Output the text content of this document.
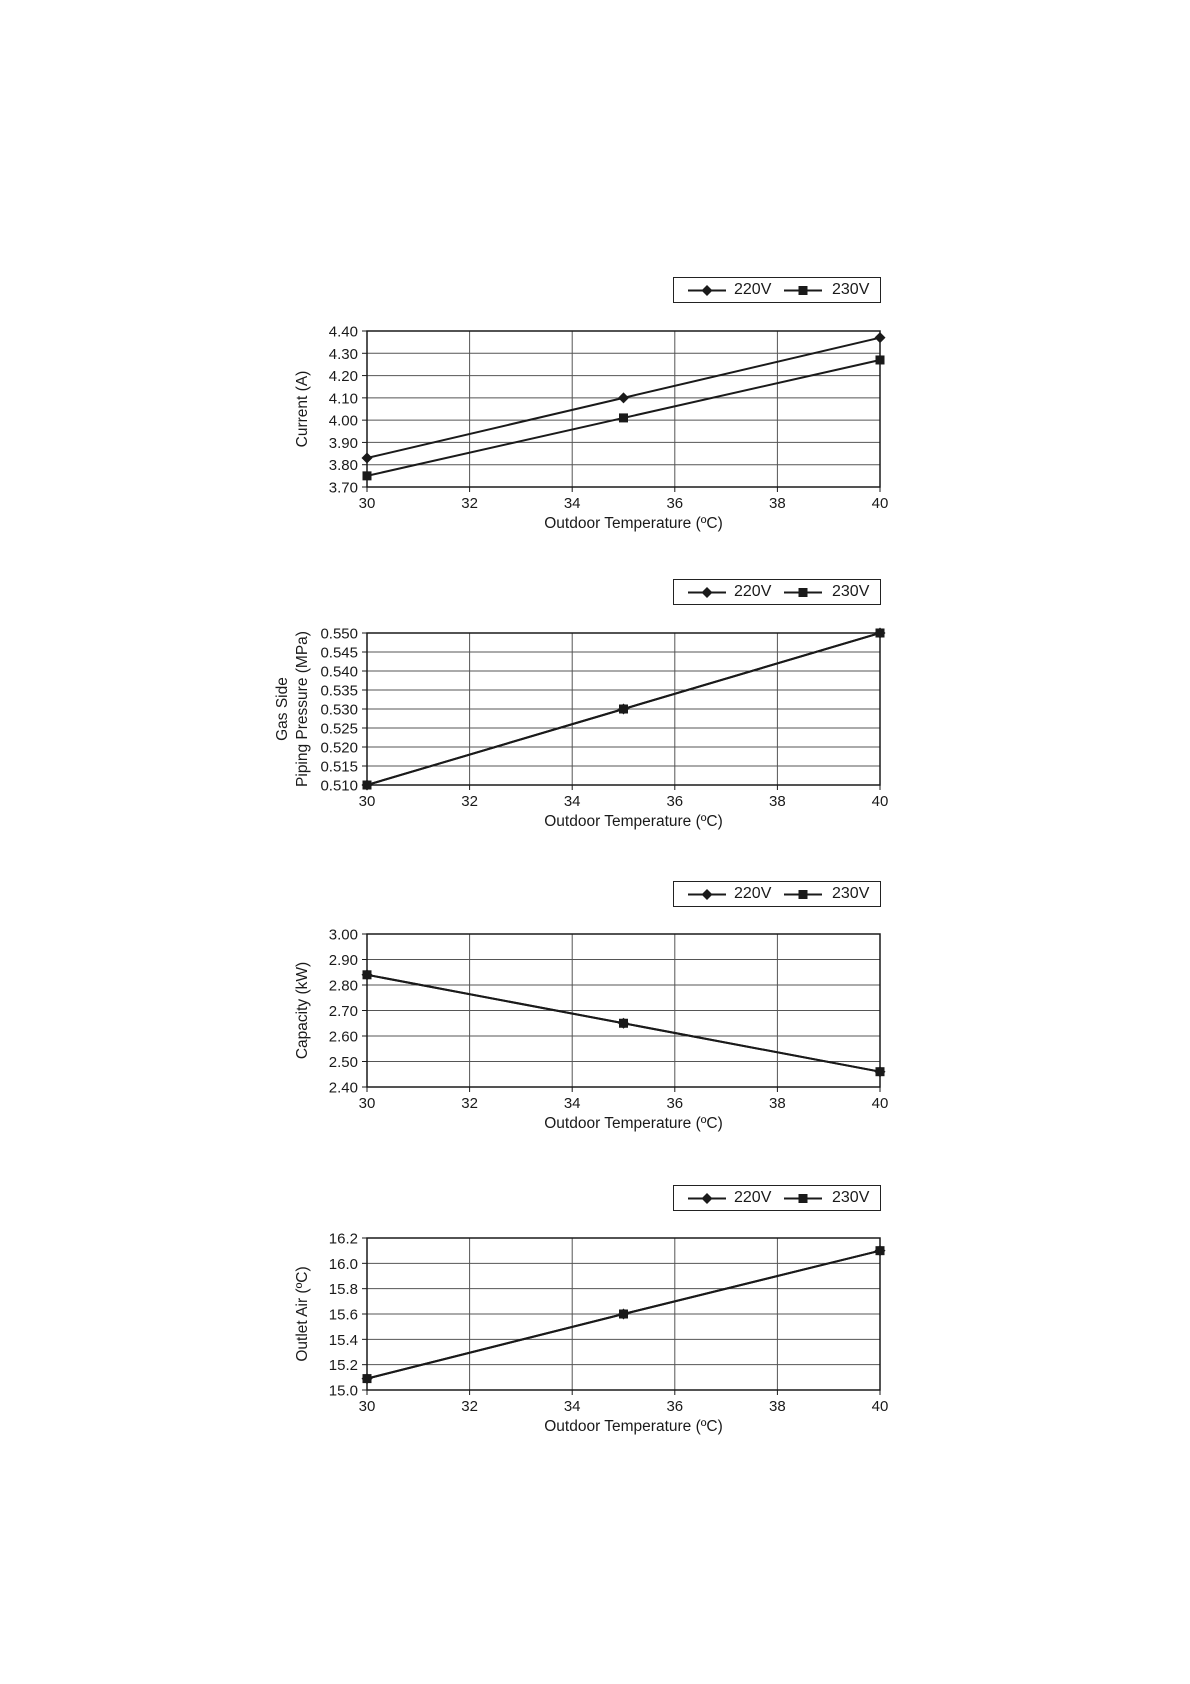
220V	230V
3.70
3.80
3.90
4.00
4.10
4.20
4.30
4.40
30	32	34	36	38	40
Outdoor Temperature (ºC)
Current (A)
220V	230V
0.510
0.515
0.520
0.525
0.530
0.535
0.540
0.545
0.550
30	32	34	36	38	40
Outdoor Temperature (ºC)
Gas Side Piping Pressure (MPa)
220V	230V
2.40
2.50
2.60
2.70
2.80
2.90
3.00
30	32	34	36	38	40
Outdoor Temperature (ºC)
Capacity (kW)
220V	230V
15.0
15.2
15.4
15.6
15.8
16.0
16.2
30	32	34	36	38	40
Outdoor Temperature (ºC)
Outlet Air (ºC)
